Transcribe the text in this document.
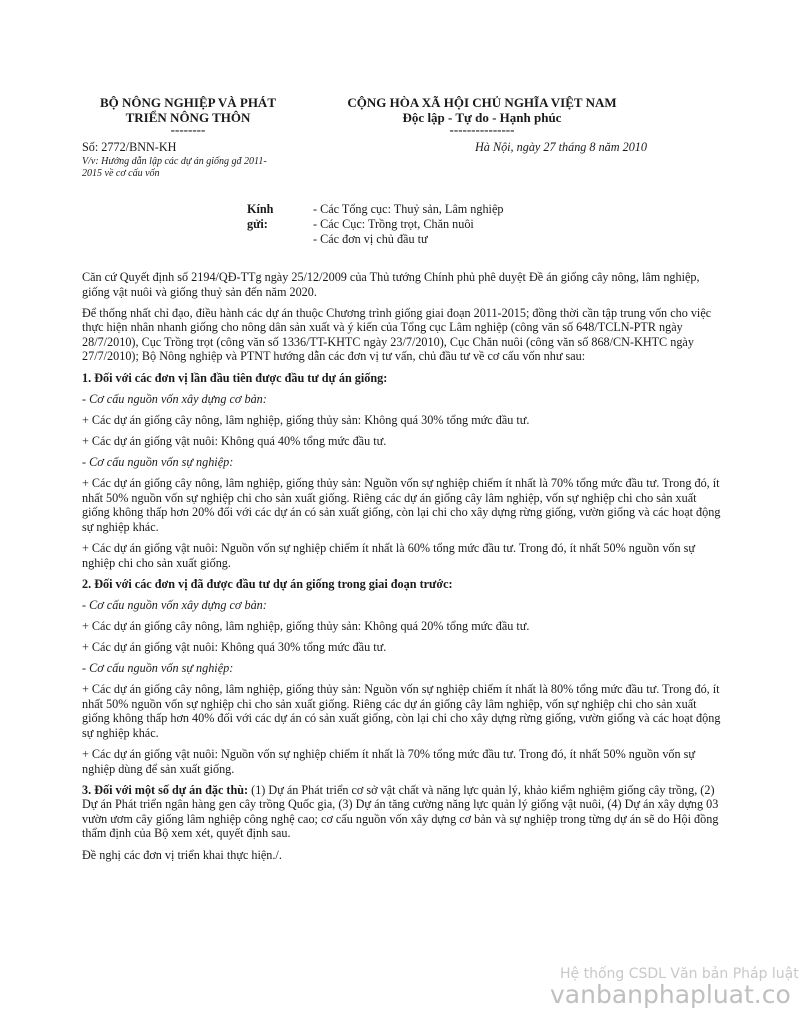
BỘ NÔNG NGHIỆP VÀ PHÁT
TRIỂN NÔNG THÔN
--------
CỘNG HÒA XÃ HỘI CHỦ NGHĨA VIỆT NAM
Độc lập - Tự do - Hạnh phúc
---------------
Số: 2772/BNN-KH	Hà Nội, ngày 27 tháng 8 năm 2010
V/v: Hướng dẫn lập các dự án giống gđ 2011-
2015 về cơ cấu vốn
Kính gửi:
- Các Tổng cục: Thuỷ sản, Lâm nghiệp
- Các Cục: Trồng trọt, Chăn nuôi
- Các đơn vị chủ đầu tư

Căn cứ Quyết định số 2194/QĐ-TTg ngày 25/12/2009 của Thủ tướng Chính phủ phê duyệt Đề án giống cây nông, lâm nghiệp, giống vật nuôi và giống thuỷ sản đến năm 2020.

Để thống nhất chỉ đạo, điều hành các dự án thuộc Chương trình giống giai đoạn 2011-2015; đồng thời cần tập trung vốn cho việc thực hiện nhân nhanh giống cho nông dân sản xuất và ý kiến của Tổng cục Lâm nghiệp (công văn số 648/TCLN-PTR ngày 28/7/2010), Cục Trồng trọt (công văn số 1336/TT-KHTC ngày 23/7/2010), Cục Chăn nuôi (công văn số 868/CN-KHTC ngày 27/7/2010); Bộ Nông nghiệp và PTNT hướng dẫn các đơn vị tư vấn, chủ đầu tư về cơ cấu vốn như sau:

1. Đối với các đơn vị lần đầu tiên được đầu tư dự án giống:

- Cơ cấu nguồn vốn xây dựng cơ bản:

+ Các dự án giống cây nông, lâm nghiệp, giống thủy sản: Không quá 30% tổng mức đầu tư.

+ Các dự án giống vật nuôi: Không quá 40% tổng mức đầu tư.

- Cơ cấu nguồn vốn sự nghiệp:

+ Các dự án giống cây nông, lâm nghiệp, giống thủy sản: Nguồn vốn sự nghiệp chiếm ít nhất là 70% tổng mức đầu tư. Trong đó, ít nhất 50% nguồn vốn sự nghiệp chi cho sản xuất giống. Riêng các dự án giống cây lâm nghiệp, vốn sự nghiệp chi cho sản xuất giống không thấp hơn 20% đối với các dự án có sản xuất giống, còn lại chi cho xây dựng rừng giống, vườn giống và các hoạt động sự nghiệp khác.

+ Các dự án giống vật nuôi: Nguồn vốn sự nghiệp chiếm ít nhất là 60% tổng mức đầu tư. Trong đó, ít nhất 50% nguồn vốn sự nghiệp chi cho sản xuất giống.

2. Đối với các đơn vị đã được đầu tư dự án giống trong giai đoạn trước:

- Cơ cấu nguồn vốn xây dựng cơ bản:

+ Các dự án giống cây nông, lâm nghiệp, giống thủy sản: Không quá 20% tổng mức đầu tư.

+ Các dự án giống vật nuôi: Không quá 30% tổng mức đầu tư.

- Cơ cấu nguồn vốn sự nghiệp:

+ Các dự án giống cây nông, lâm nghiệp, giống thủy sản: Nguồn vốn sự nghiệp chiếm ít nhất là 80% tổng mức đầu tư. Trong đó, ít nhất 50% nguồn vốn sự nghiệp chi cho sản xuất giống. Riêng các dự án giống cây lâm nghiệp, vốn sự nghiệp chi cho sản xuất giống không thấp hơn 40% đối với các dự án có sản xuất giống, còn lại chi cho xây dựng rừng giống, vườn giống và các hoạt động sự nghiệp khác.

+ Các dự án giống vật nuôi: Nguồn vốn sự nghiệp chiếm ít nhất là 70% tổng mức đầu tư. Trong đó, ít nhất 50% nguồn vốn sự nghiệp dùng để sản xuất giống.

3. Đối với một số dự án đặc thù: (1) Dự án Phát triển cơ sở vật chất và năng lực quản lý, khảo kiểm nghiệm giống cây trồng, (2) Dự án Phát triển ngân hàng gen cây trồng Quốc gia, (3) Dự án tăng cường năng lực quản lý giống vật nuôi, (4) Dự án xây dựng 03 vườn ươm cây giống lâm nghiệp công nghệ cao; cơ cấu nguồn vốn xây dựng cơ bản và sự nghiệp trong từng dự án sẽ do Hội đồng thẩm định của Bộ xem xét, quyết định sau.

Đề nghị các đơn vị triển khai thực hiện./.

Hệ thống CSDL Văn bản Pháp luật
vanbanphapluat.co
